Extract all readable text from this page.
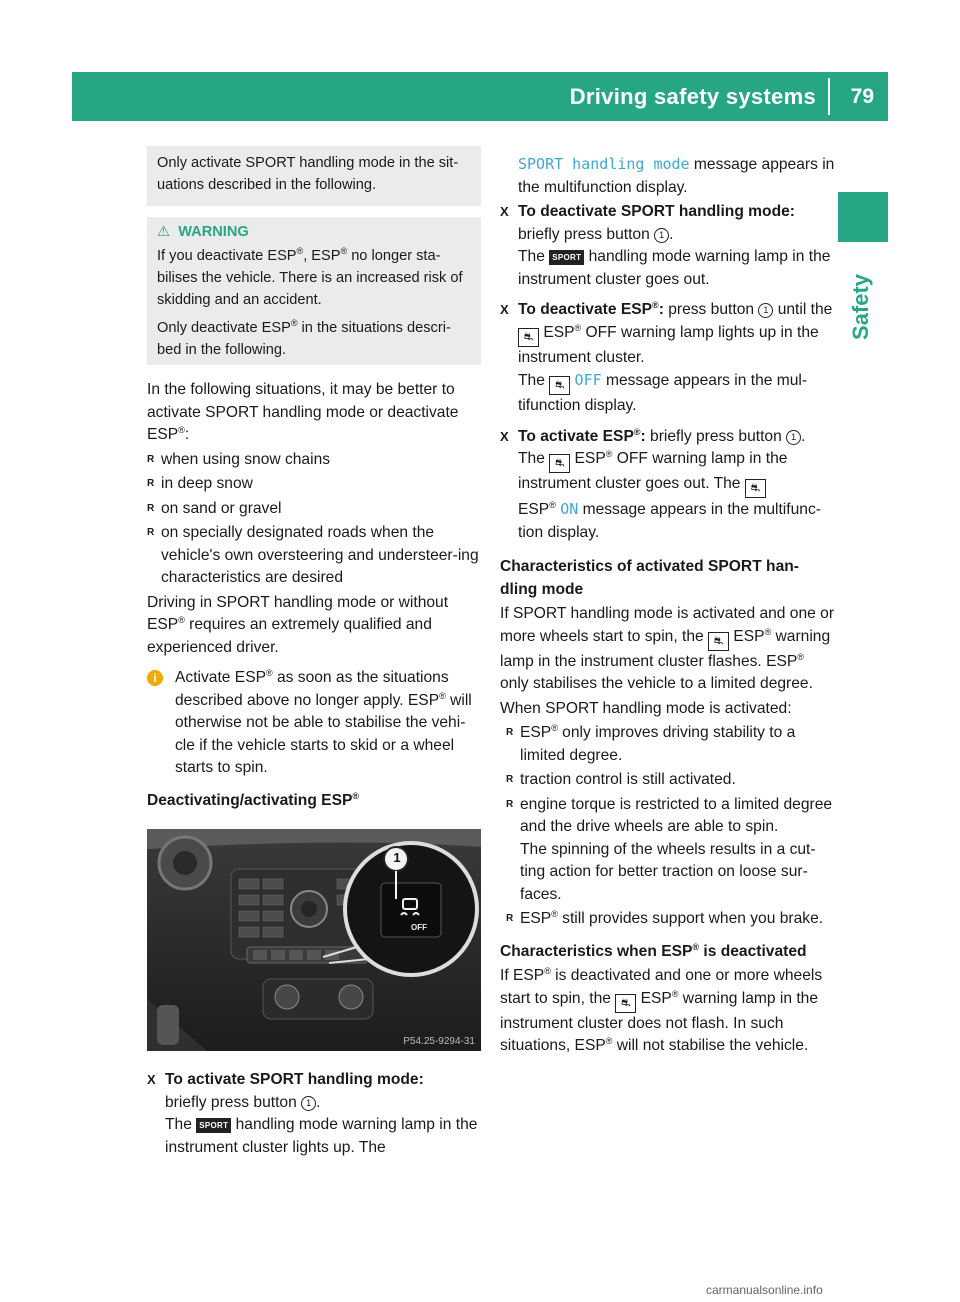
Driving safety systems 79
Safety
Only activate SPORT handling mode in the sit-uations described in the following.

⚠ WARNING

If you deactivate ESP®, ESP® no longer sta-bilises the vehicle. There is an increased risk of skidding and an accident.

Only deactivate ESP® in the situations descri-bed in the following.

In the following situations, it may be better to activate SPORT handling mode or deactivate ESP®:

R when using snow chains

R in deep snow

R on sand or gravel

R on specially designated roads when the vehicle's own oversteering and understeer-ing characteristics are desired

Driving in SPORT handling mode or without ESP® requires an extremely qualified and experienced driver.

i	Activate ESP® as soon as the situations described above no longer apply. ESP® will otherwise not be able to stabilise the vehi-cle if the vehicle starts to skid or a wheel starts to spin.

Deactivating/activating ESP®

1
OFF
P54.25-9294-31

X To activate SPORT handling mode:
briefly press button 1 .
The SPORT handling mode warning lamp in the instrument cluster lights up. The

SPORT handling mode message appears in the multifunction display.

X To deactivate SPORT handling mode:
briefly press button 1 .
The SPORT handling mode warning lamp in the instrument cluster goes out.

X To deactivate ESP®: press button 1 until the ⛐ ESP® OFF warning lamp lights up in the instrument cluster.
The ⛐ OFF message appears in the mul-tifunction display.

X To activate ESP®: briefly press button 1 .
The ⛐ ESP® OFF warning lamp in the instrument cluster goes out. The ⛐
ESP® ON message appears in the multifunc-tion display.

Characteristics of activated SPORT han-dling mode

If SPORT handling mode is activated and one or more wheels start to spin, the ⛐ ESP® warning lamp in the instrument cluster flashes. ESP® only stabilises the vehicle to a limited degree.

When SPORT handling mode is activated:

R ESP® only improves driving stability to a limited degree.

R traction control is still activated.

R engine torque is restricted to a limited degree and the drive wheels are able to spin.

The spinning of the wheels results in a cut-ting action for better traction on loose sur-faces.

R ESP® still provides support when you brake.

Characteristics when ESP® is deactivated

If ESP® is deactivated and one or more wheels start to spin, the ⛐ ESP® warning lamp in the instrument cluster does not flash. In such situations, ESP® will not stabilise the vehicle.

carmanualsonline.info
